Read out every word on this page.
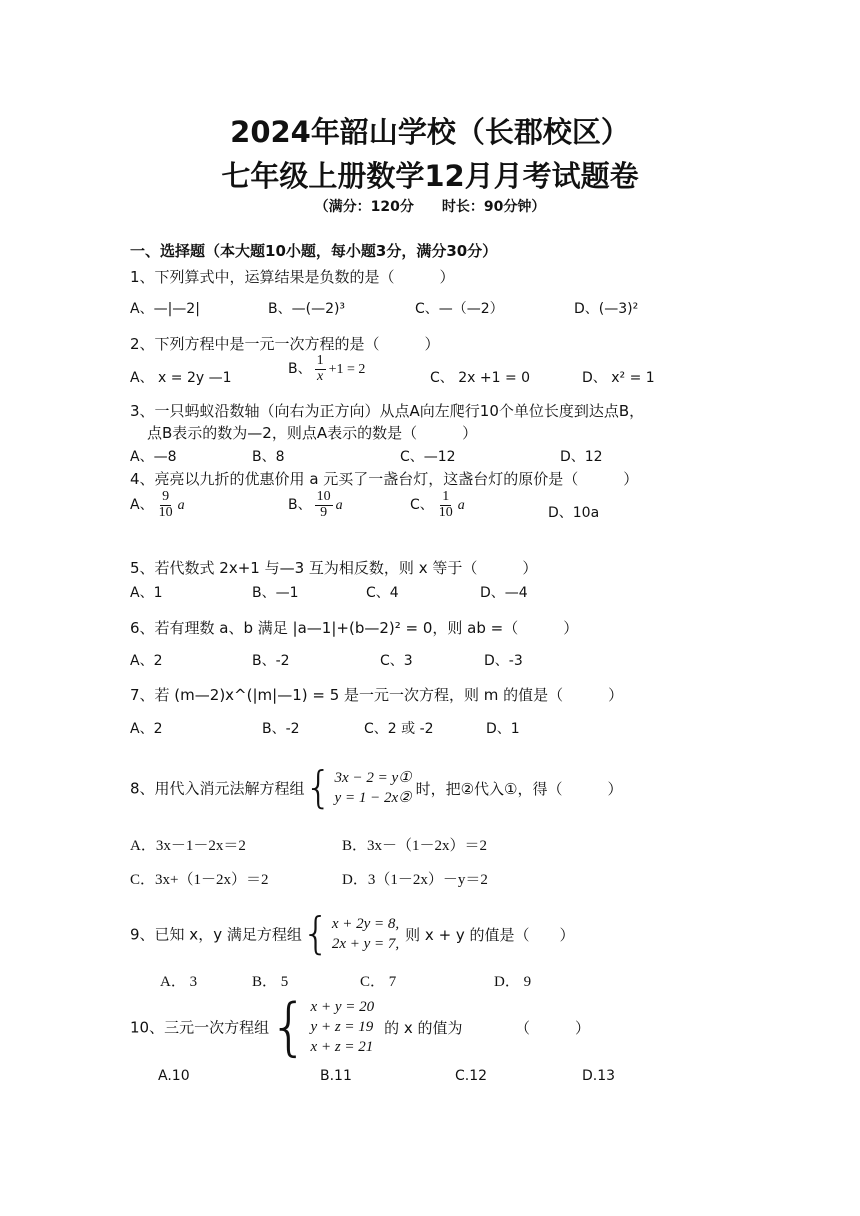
2024年韶山学校（长郡校区）
七年级上册数学12月月考试题卷
（满分：120分　　时长：90分钟）
一、选择题（本大题10小题，每小题3分，满分30分）
1、下列算式中，运算结果是负数的是（　　　）
A、—|—2|	B、—(—2)³	C、—（—2）	D、(—3)²
2、下列方程中是一元一次方程的是（　　　）
A、 x = 2y —1
B、 $\frac{1}{x} +1 = 2$
C、 2x +1 = 0	D、 x² = 1
3、一只蚂蚁沿数轴（向右为正方向）从点A向左爬行10个单位长度到达点B，
点B表示的数为—2，则点A表示的数是（　　　）
A、—8	B、8	C、—12	D、12
4、亮亮以九折的优惠价用 a 元买了一盏台灯，这盏台灯的原价是（　　　）
A、 $\frac{9}{10}$ a	B、 $\frac{10}{9}$ a	C、 $\frac{1}{10}$ a	D、10a
5、若代数式 2x+1 与—3 互为相反数，则 x 等于（　　　）
A、1	B、—1	C、4	D、—4
6、若有理数 a、b 满足 |a—1|+(b—2)² = 0，则 ab =（　　　）
A、2	B、-2	C、3	D、-3
7、若 (m—2)x^(|m|—1) = 5 是一元一次方程，则 m 的值是（　　　）
A、2	B、-2	C、2 或 -2	D、1
8、用代入消元法解方程组 { 3x − 2 = y①
y = 1 − 2x②
时，把②代入①，得（　　　）
A．3x－1－2x＝2	B．3x－（1－2x）＝2
C．3x+（1－2x）＝2	D．3（1－2x）－y＝2
9、已知 x，y 满足方程组 { x + 2y = 8,
2x + y = 7,
则 x + y 的值是（　　）
A． 3	B． 5	C． 7	D． 9
10、三元一次方程组 { x + y = 20
y + z = 19
x + z = 21
的 x 的值为　　　　（　　　）
A.10	B.11	C.12	D.13
